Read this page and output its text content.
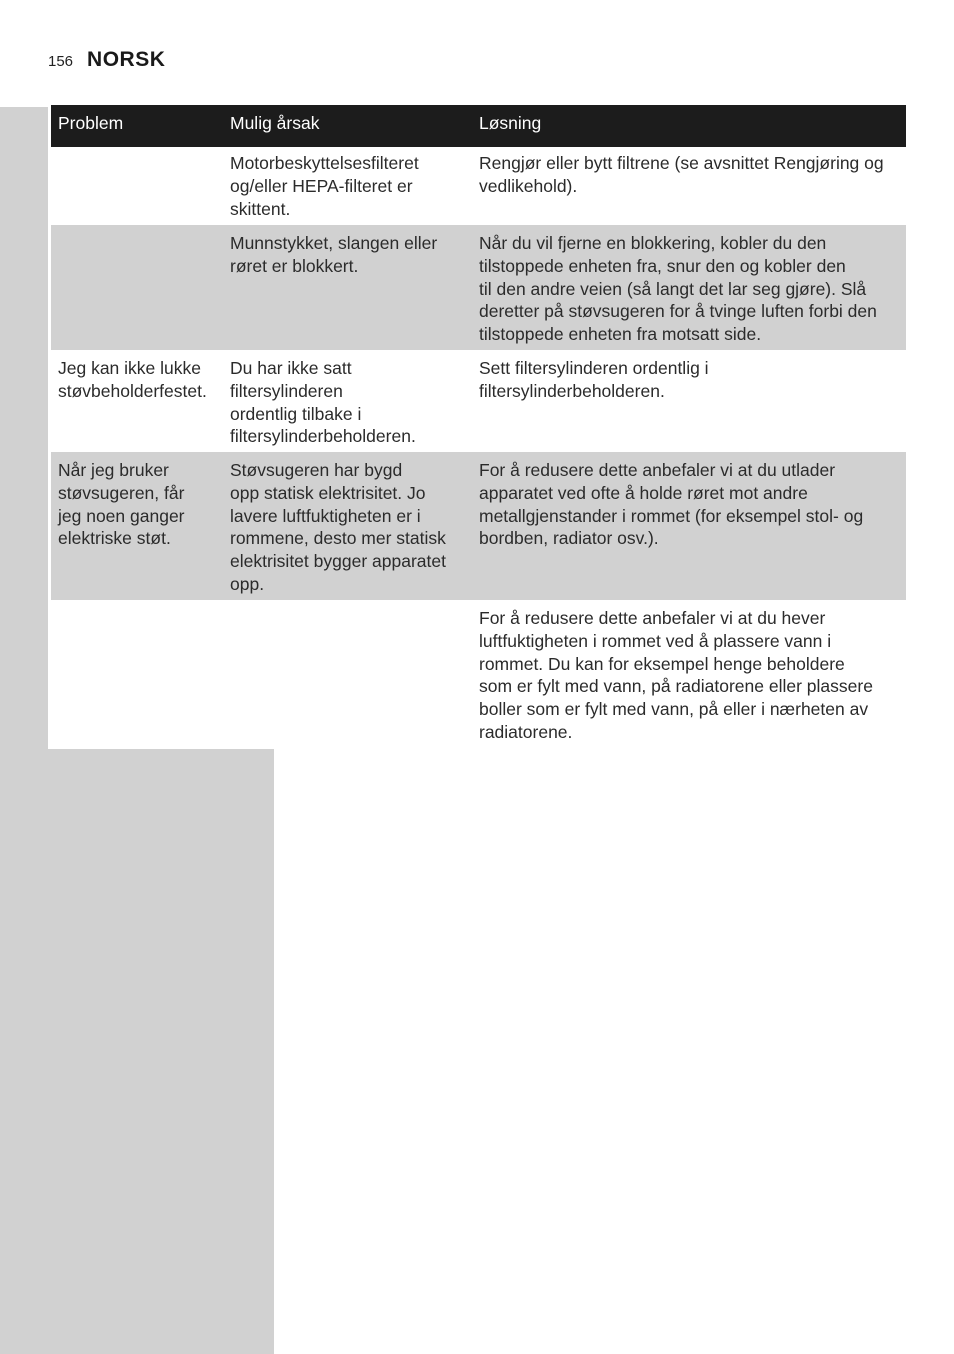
156 NORSK
Problem	Mulig årsak	Løsning
Motorbeskyttelsesfilteret
og/eller HEPA-filteret er
skittent.
Rengjør eller bytt filtrene (se avsnittet Rengjøring og
vedlikehold).
Munnstykket, slangen eller
røret er blokkert.
Når du vil fjerne en blokkering, kobler du den
tilstoppede enheten fra, snur den og kobler den
til den andre veien (så langt det lar seg gjøre). Slå
deretter på støvsugeren for å tvinge luften forbi den
tilstoppede enheten fra motsatt side.
Jeg kan ikke lukke
støvbeholderfestet.
Du har ikke satt
filtersylinderen
ordentlig tilbake i
filtersylinderbeholderen.
Sett filtersylinderen ordentlig i
filtersylinderbeholderen.
Når jeg bruker
støvsugeren, får
jeg noen ganger
elektriske støt.
Støvsugeren har bygd
opp statisk elektrisitet. Jo
lavere luftfuktigheten er i
rommene, desto mer statisk
elektrisitet bygger apparatet
opp.
For å redusere dette anbefaler vi at du utlader
apparatet ved ofte å holde røret mot andre
metallgjenstander i rommet (for eksempel stol- og
bordben, radiator osv.).
For å redusere dette anbefaler vi at du hever
luftfuktigheten i rommet ved å plassere vann i
rommet. Du kan for eksempel henge beholdere
som er fylt med vann, på radiatorene eller plassere
boller som er fylt med vann, på eller i nærheten av
radiatorene.
